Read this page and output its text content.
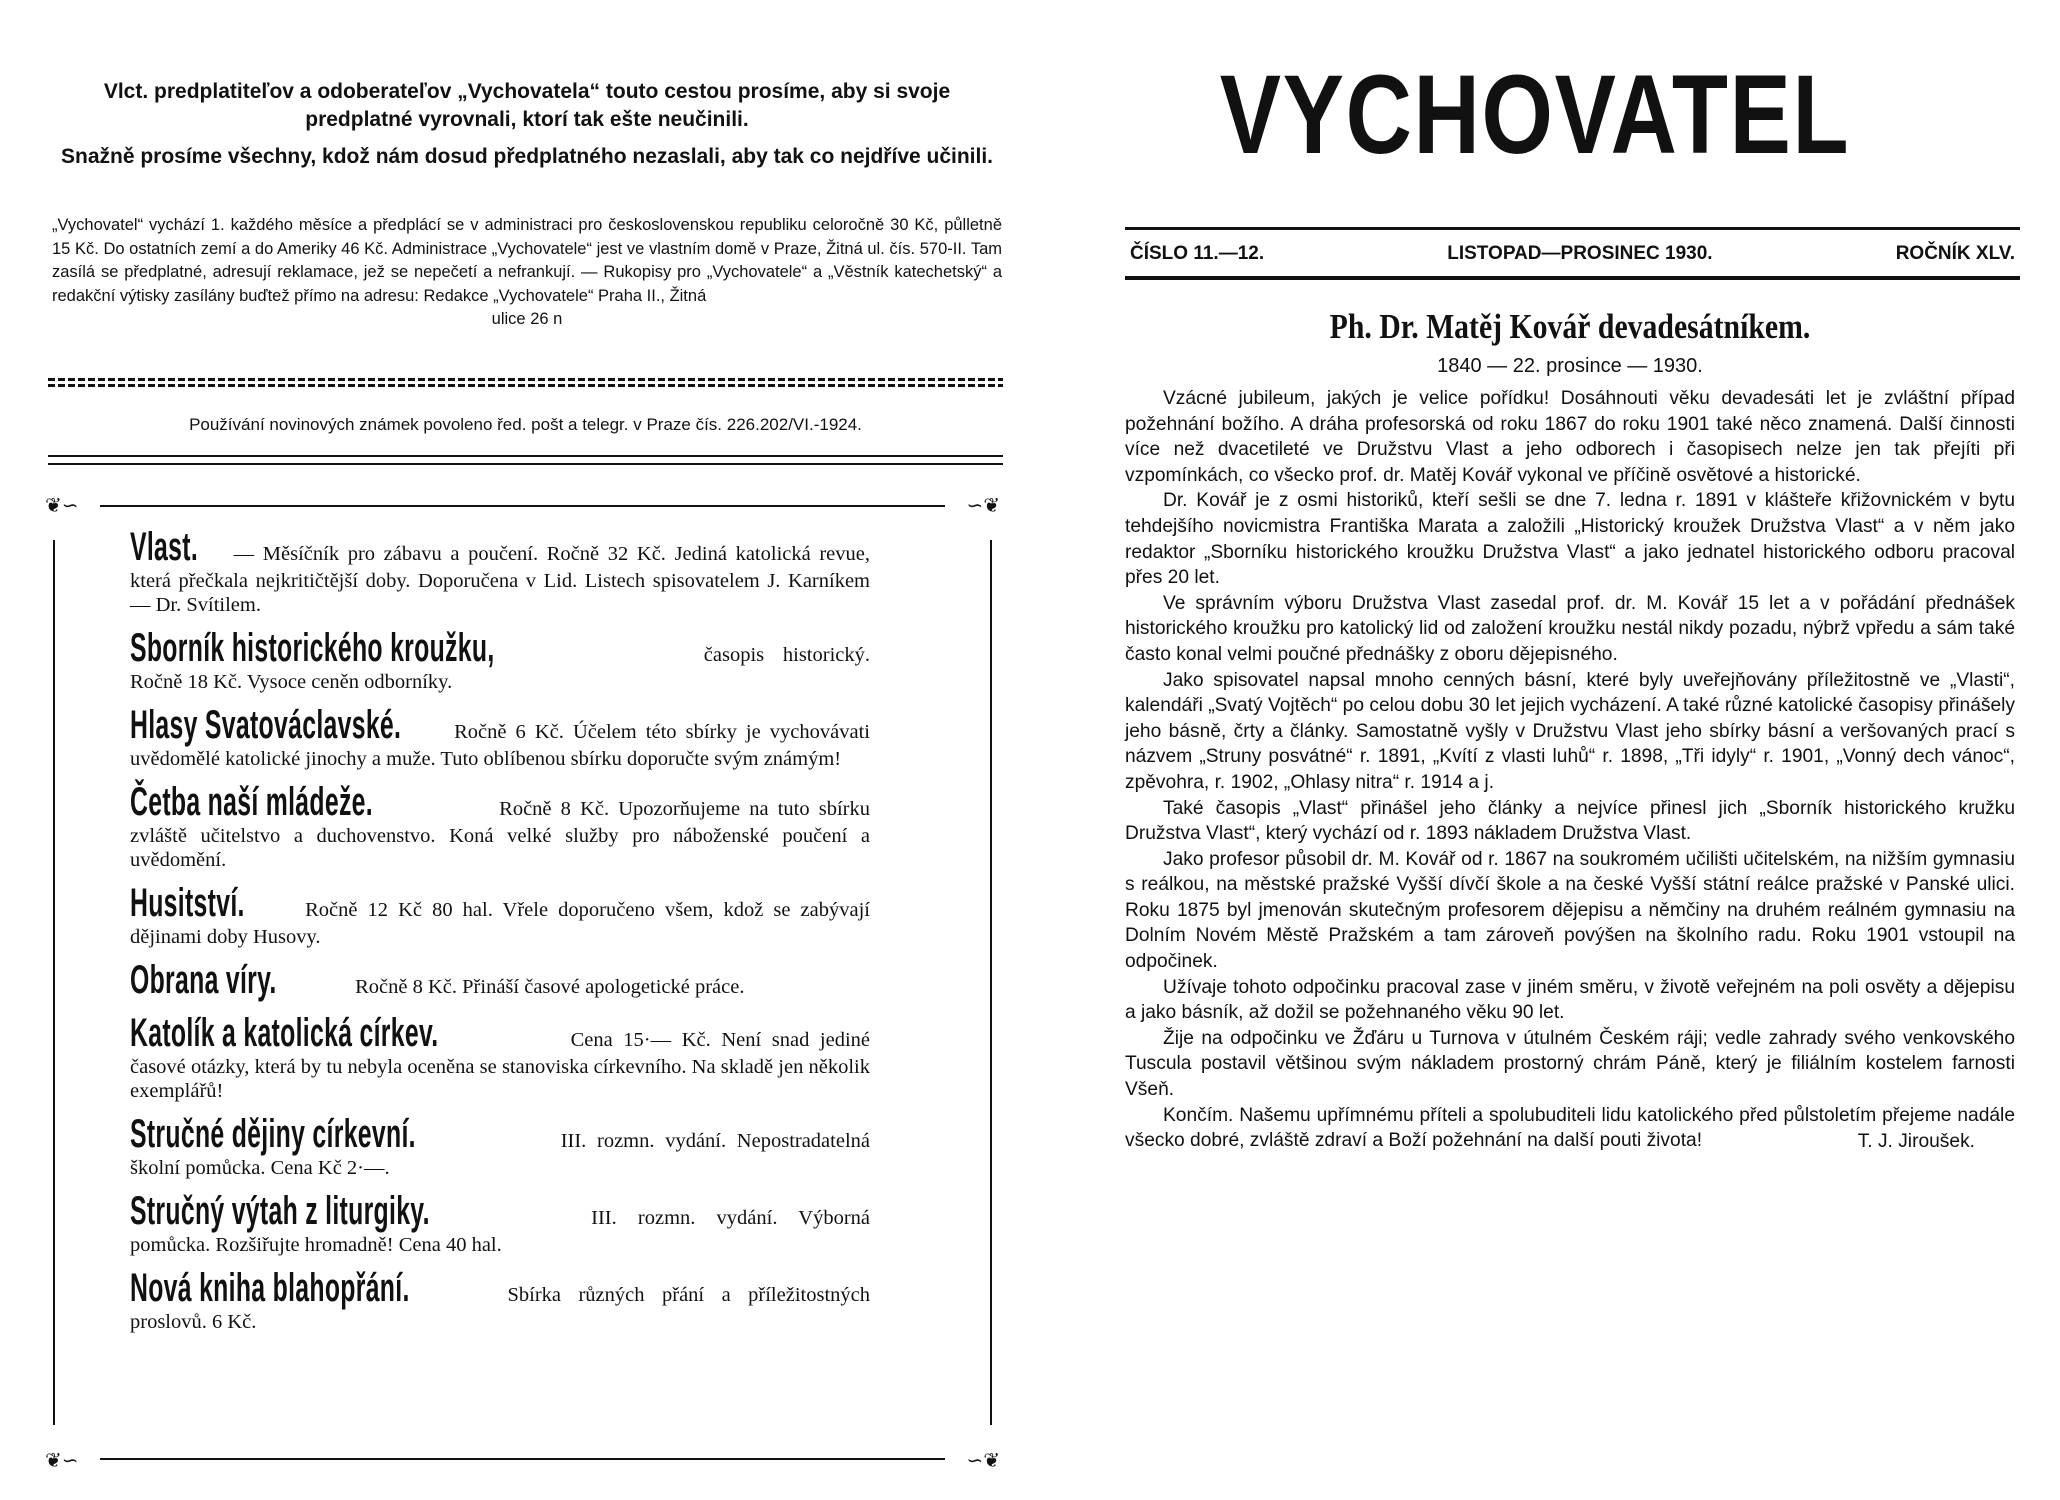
Vlct. predplatiteľov a odoberateľov „Vychovatela“ touto cestou prosíme, aby si svoje predplatné vyrovnali, ktorí tak ešte neučinili.

Snažně prosíme všechny, kdož nám dosud předplatného nezaslali, aby tak co nejdříve učinili.

„Vychovatel“ vychází 1. každého měsíce a předplácí se v administraci pro československou republiku celoročně 30 Kč, půlletně 15 Kč. Do ostatních zemí a do Ameriky 46 Kč. Administrace „Vychovatele“ jest ve vlastním domě v Praze, Žitná ul. čís. 570-II. Tam zasílá se předplatné, adresují reklamace, jež se nepečetí a nefrankují. — Rukopisy pro „Vychovatele“ a „Věstník katechetský“ a redakční výtisky zasílány buďtež přímo na adresu: Redakce „Vychovatele“ Praha II., Žitná
ulice 26 n

Používání novinových známek povoleno řed. pošt a telegr. v Praze čís. 226.202/VI.-1924.

❦∽	∽❦
❦∽	∽❦

Vlast. — Měsíčník pro zábavu a poučení. Ročně 32 Kč. Jediná katolická revue, která přečkala nejkritičtější doby. Doporučena v Lid. Listech spisovatelem J. Karníkem — Dr. Svítilem.

Sborník historického kroužku,	časopis historický. Ročně 18 Kč. Vysoce ceněn odborníky.

Hlasy Svatováclavské.	Ročně 6 Kč. Účelem této sbírky je vychovávati uvědomělé katolické jinochy a muže. Tuto oblíbenou sbírku doporučte svým známým!

Četba naší mládeže.	Ročně 8 Kč. Upozorňujeme na tuto sbírku zvláště učitelstvo a duchovenstvo. Koná velké služby pro náboženské poučení a uvědomění.

Husitství.	Ročně 12 Kč 80 hal. Vřele doporučeno všem, kdož se zabývají dějinami doby Husovy.

Obrana víry.	Ročně 8 Kč. Přináší časové apologetické práce.

Katolík a katolická církev.	Cena 15·— Kč. Není snad jediné časové otázky, která by tu nebyla oceněna se stanoviska církevního. Na skladě jen několik exemplářů!

Stručné dějiny církevní.	III. rozmn. vydání. Nepostradatelná školní pomůcka. Cena Kč 2·—.

Stručný výtah z liturgiky.	III. rozmn. vydání. Výborná pomůcka. Rozšiřujte hromadně! Cena 40 hal.

Nová kniha blahopřání.	Sbírka různých přání a příležitostných proslovů. 6 Kč.

VYCHOVATEL
ČÍSLO 11.—12.	LISTOPAD—PROSINEC 1930.	ROČNÍK XLV.
Ph. Dr. Matěj Kovář devadesátníkem.

1840 — 22. prosince — 1930.

Vzácné jubileum, jakých je velice pořídku! Dosáhnouti věku devadesáti let je zvláštní případ požehnání božího. A dráha profesorská od roku 1867 do roku 1901 také něco znamená. Další činnosti více než dvacetileté ve Družstvu Vlast a jeho odborech i časopisech nelze jen tak přejíti při vzpomínkách, co všecko prof. dr. Matěj Kovář vykonal ve příčině osvětové a historické.

Dr. Kovář je z osmi historiků, kteří sešli se dne 7. ledna r. 1891 v klášteře křižovnickém v bytu tehdejšího novicmistra Františka Marata a založili „Historický kroužek Družstva Vlast“ a v něm jako redaktor „Sborníku historického kroužku Družstva Vlast“ a jako jednatel historického odboru pracoval přes 20 let.

Ve správním výboru Družstva Vlast zasedal prof. dr. M. Kovář 15 let a v pořádání přednášek historického kroužku pro katolický lid od založení kroužku nestál nikdy pozadu, nýbrž vpředu a sám také často konal velmi poučné přednášky z oboru dějepisného.

Jako spisovatel napsal mnoho cenných básní, které byly uveřejňovány příležitostně ve „Vlasti“, kalendáři „Svatý Vojtěch“ po celou dobu 30 let jejich vycházení. A také různé katolické časopisy přinášely jeho básně, črty a články. Samostatně vyšly v Družstvu Vlast jeho sbírky básní a veršovaných prací s názvem „Struny posvátné“ r. 1891, „Kvítí z vlasti luhů“ r. 1898, „Tři idyly“ r. 1901, „Vonný dech vánoc“, zpěvohra, r. 1902, „Ohlasy nitra“ r. 1914 a j.

Také časopis „Vlast“ přinášel jeho články a nejvíce přinesl jich „Sborník historického kružku Družstva Vlast“, který vychází od r. 1893 nákladem Družstva Vlast.

Jako profesor působil dr. M. Kovář od r. 1867 na soukromém učilišti učitelském, na nižším gymnasiu s reálkou, na městské pražské Vyšší dívčí škole a na české Vyšší státní reálce pražské v Panské ulici. Roku 1875 byl jmenován skutečným profesorem dějepisu a němčiny na druhém reálném gymnasiu na Dolním Novém Městě Pražském a tam zároveň povýšen na školního radu. Roku 1901 vstoupil na odpočinek.

Užívaje tohoto odpočinku pracoval zase v jiném směru, v životě veřejném na poli osvěty a dějepisu a jako básník, až dožil se požehnaného věku 90 let.

Žije na odpočinku ve Žďáru u Turnova v útulném Českém ráji; vedle zahrady svého venkovského Tuscula postavil většinou svým nákladem prostorný chrám Páně, který je filiálním kostelem farnosti Všeň.

Končím. Našemu upřímnému příteli a spolubuditeli lidu katolického před půlstoletím přejeme nadále všecko dobré, zvláště zdraví a Boží požehnání na další pouti života!	T. J. Jiroušek.
